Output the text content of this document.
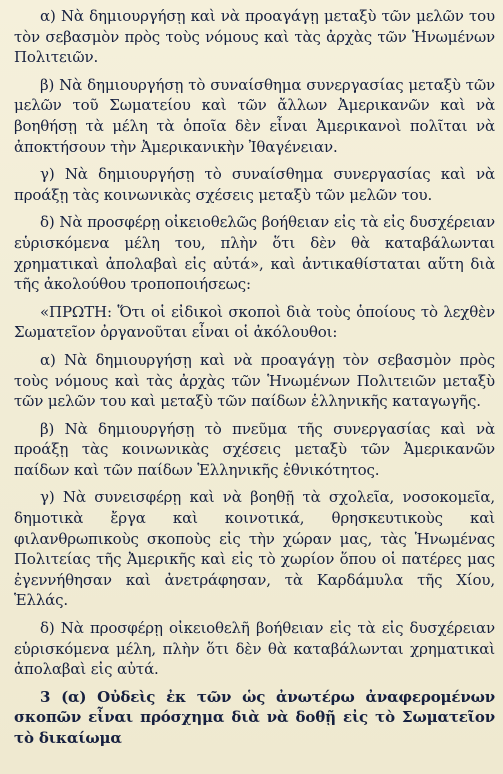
α) Νὰ δημιουργήσῃ καὶ νὰ προαγάγῃ μεταξὺ τῶν μελῶν του τὸν σεβασμὸν πρὸς τοὺς νόμους καὶ τὰς ἀρχὰς τῶν Ἡνωμένων Πολιτειῶν.

β) Νὰ δημιουργήσῃ τὸ συναίσθημα συνεργασίας μεταξὺ τῶν μελῶν τοῦ Σωματείου καὶ τῶν ἄλλων Ἀμερικανῶν καὶ νὰ βοηθήσῃ τὰ μέλη τὰ ὁποῖα δὲν εἶναι Ἀμερικανοὶ πολῖται νὰ ἀποκτήσουν τὴν Ἀμερικανικὴν Ἰθαγένειαν.

γ) Νὰ δημιουργήσῃ τὸ συναίσθημα συνεργασίας καὶ νὰ προάξῃ τὰς κοινωνικὰς σχέσεις μεταξὺ τῶν μελῶν του.

δ) Νὰ προσφέρῃ οἰκειοθελῶς βοήθειαν εἰς τὰ εἰς δυσχέρειαν εὑρισκόμενα μέλη του, πλὴν ὅτι δὲν θὰ καταβάλωνται χρηματικαὶ ἀπολαβαὶ εἰς αὐτά», καὶ ἀντικαθίσταται αὕτη διὰ τῆς ἀκολούθου τροποποιήσεως:

«ΠΡΩΤΗ: Ὅτι οἱ εἰδικοὶ σκοποὶ διὰ τοὺς ὁποίους τὸ λεχθὲν Σωματεῖον ὀργανοῦται εἶναι οἱ ἀκόλουθοι:

α) Νὰ δημιουργήσῃ καὶ νὰ προαγάγῃ τὸν σεβασμὸν πρὸς τοὺς νόμους καὶ τὰς ἀρχὰς τῶν Ἡνωμένων Πολιτειῶν μεταξὺ τῶν μελῶν του καὶ μεταξὺ τῶν παίδων ἑλληνικῆς καταγωγῆς.

β) Νὰ δημιουργήσῃ τὸ πνεῦμα τῆς συνεργασίας καὶ νὰ προάξῃ τὰς κοινωνικὰς σχέσεις μεταξὺ τῶν Ἀμερικανῶν παίδων καὶ τῶν παίδων Ἑλληνικῆς ἐθνικότητος.

γ) Νὰ συνεισφέρῃ καὶ νὰ βοηθῇ τὰ σχολεῖα, νοσοκομεῖα, δημοτικὰ ἔργα καὶ κοινοτικά, θρησκευτικοὺς καὶ φιλανθρωπικοὺς σκοποὺς εἰς τὴν χώραν μας, τὰς Ἡνωμένας Πολιτείας τῆς Ἀμερικῆς καὶ εἰς τὸ χωρίον ὅπου οἱ πατέρες μας ἐγεννήθησαν καὶ ἀνετράφησαν, τὰ Καρδάμυλα τῆς Χίου, Ἑλλάς.

δ) Νὰ προσφέρῃ οἰκειοθελῆ βοήθειαν εἰς τὰ εἰς δυσχέρειαν εὑρισκόμενα μέλη, πλὴν ὅτι δὲν θὰ καταβάλωνται χρηματικαὶ ἀπολαβαὶ εἰς αὐτά.

3 (α) Οὐδεὶς ἐκ τῶν ὡς ἀνωτέρω ἀναφερομένων σκοπῶν εἶναι πρόσχημα διὰ νὰ δοθῇ εἰς τὸ Σωματεῖον τὸ δικαίωμα
